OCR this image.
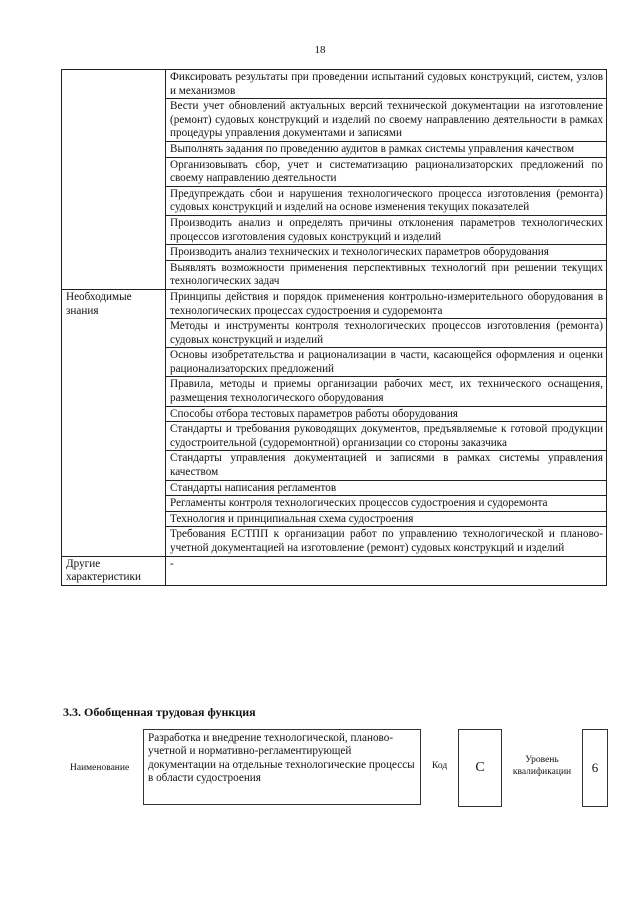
18
	Фиксировать результаты при проведении испытаний судовых конструкций, систем, узлов и механизмов
	Вести учет обновлений актуальных версий технической документации на изготовление (ремонт) судовых конструкций и изделий по своему направлению деятельности в рамках процедуры управления документами и записями
	Выполнять задания по проведению аудитов в рамках системы управления качеством
	Организовывать сбор, учет и систематизацию рационализаторских предложений по своему направлению деятельности
	Предупреждать сбои и нарушения технологического процесса изготовления (ремонта) судовых конструкций и изделий на основе изменения текущих показателей
	Производить анализ и определять причины отклонения параметров технологических процессов изготовления судовых конструкций и изделий
	Производить анализ технических и технологических параметров оборудования
	Выявлять возможности применения перспективных технологий при решении текущих технологических задач
Необходимые знания	Принципы действия и порядок применения контрольно-измерительного оборудования в технологических процессах судостроения и судоремонта
	Методы и инструменты контроля технологических процессов изготовления (ремонта) судовых конструкций и изделий
	Основы изобретательства и рационализации в части, касающейся оформления и оценки рационализаторских предложений
	Правила, методы и приемы организации рабочих мест, их технического оснащения, размещения технологического оборудования
	Способы отбора тестовых параметров работы оборудования
	Стандарты и требования руководящих документов, предъявляемые к готовой продукции судостроительной (судоремонтной) организации со стороны заказчика
	Стандарты управления документацией и записями в рамках системы управления качеством
	Стандарты написания регламентов
	Регламенты контроля технологических процессов судостроения и судоремонта
	Технология и принципиальная схема судостроения
	Требования ЕСТПП к организации работ по управлению технологической и планово-учетной документацией на изготовление (ремонт) судовых конструкций и изделий
Другие характеристики	-
3.3. Обобщенная трудовая функция
Наименование
Разработка и внедрение технологической, планово-учетной и нормативно-регламентирующей документации на отдельные технологические процессы в области судостроения
Код	С	Уровень квалификации	6
